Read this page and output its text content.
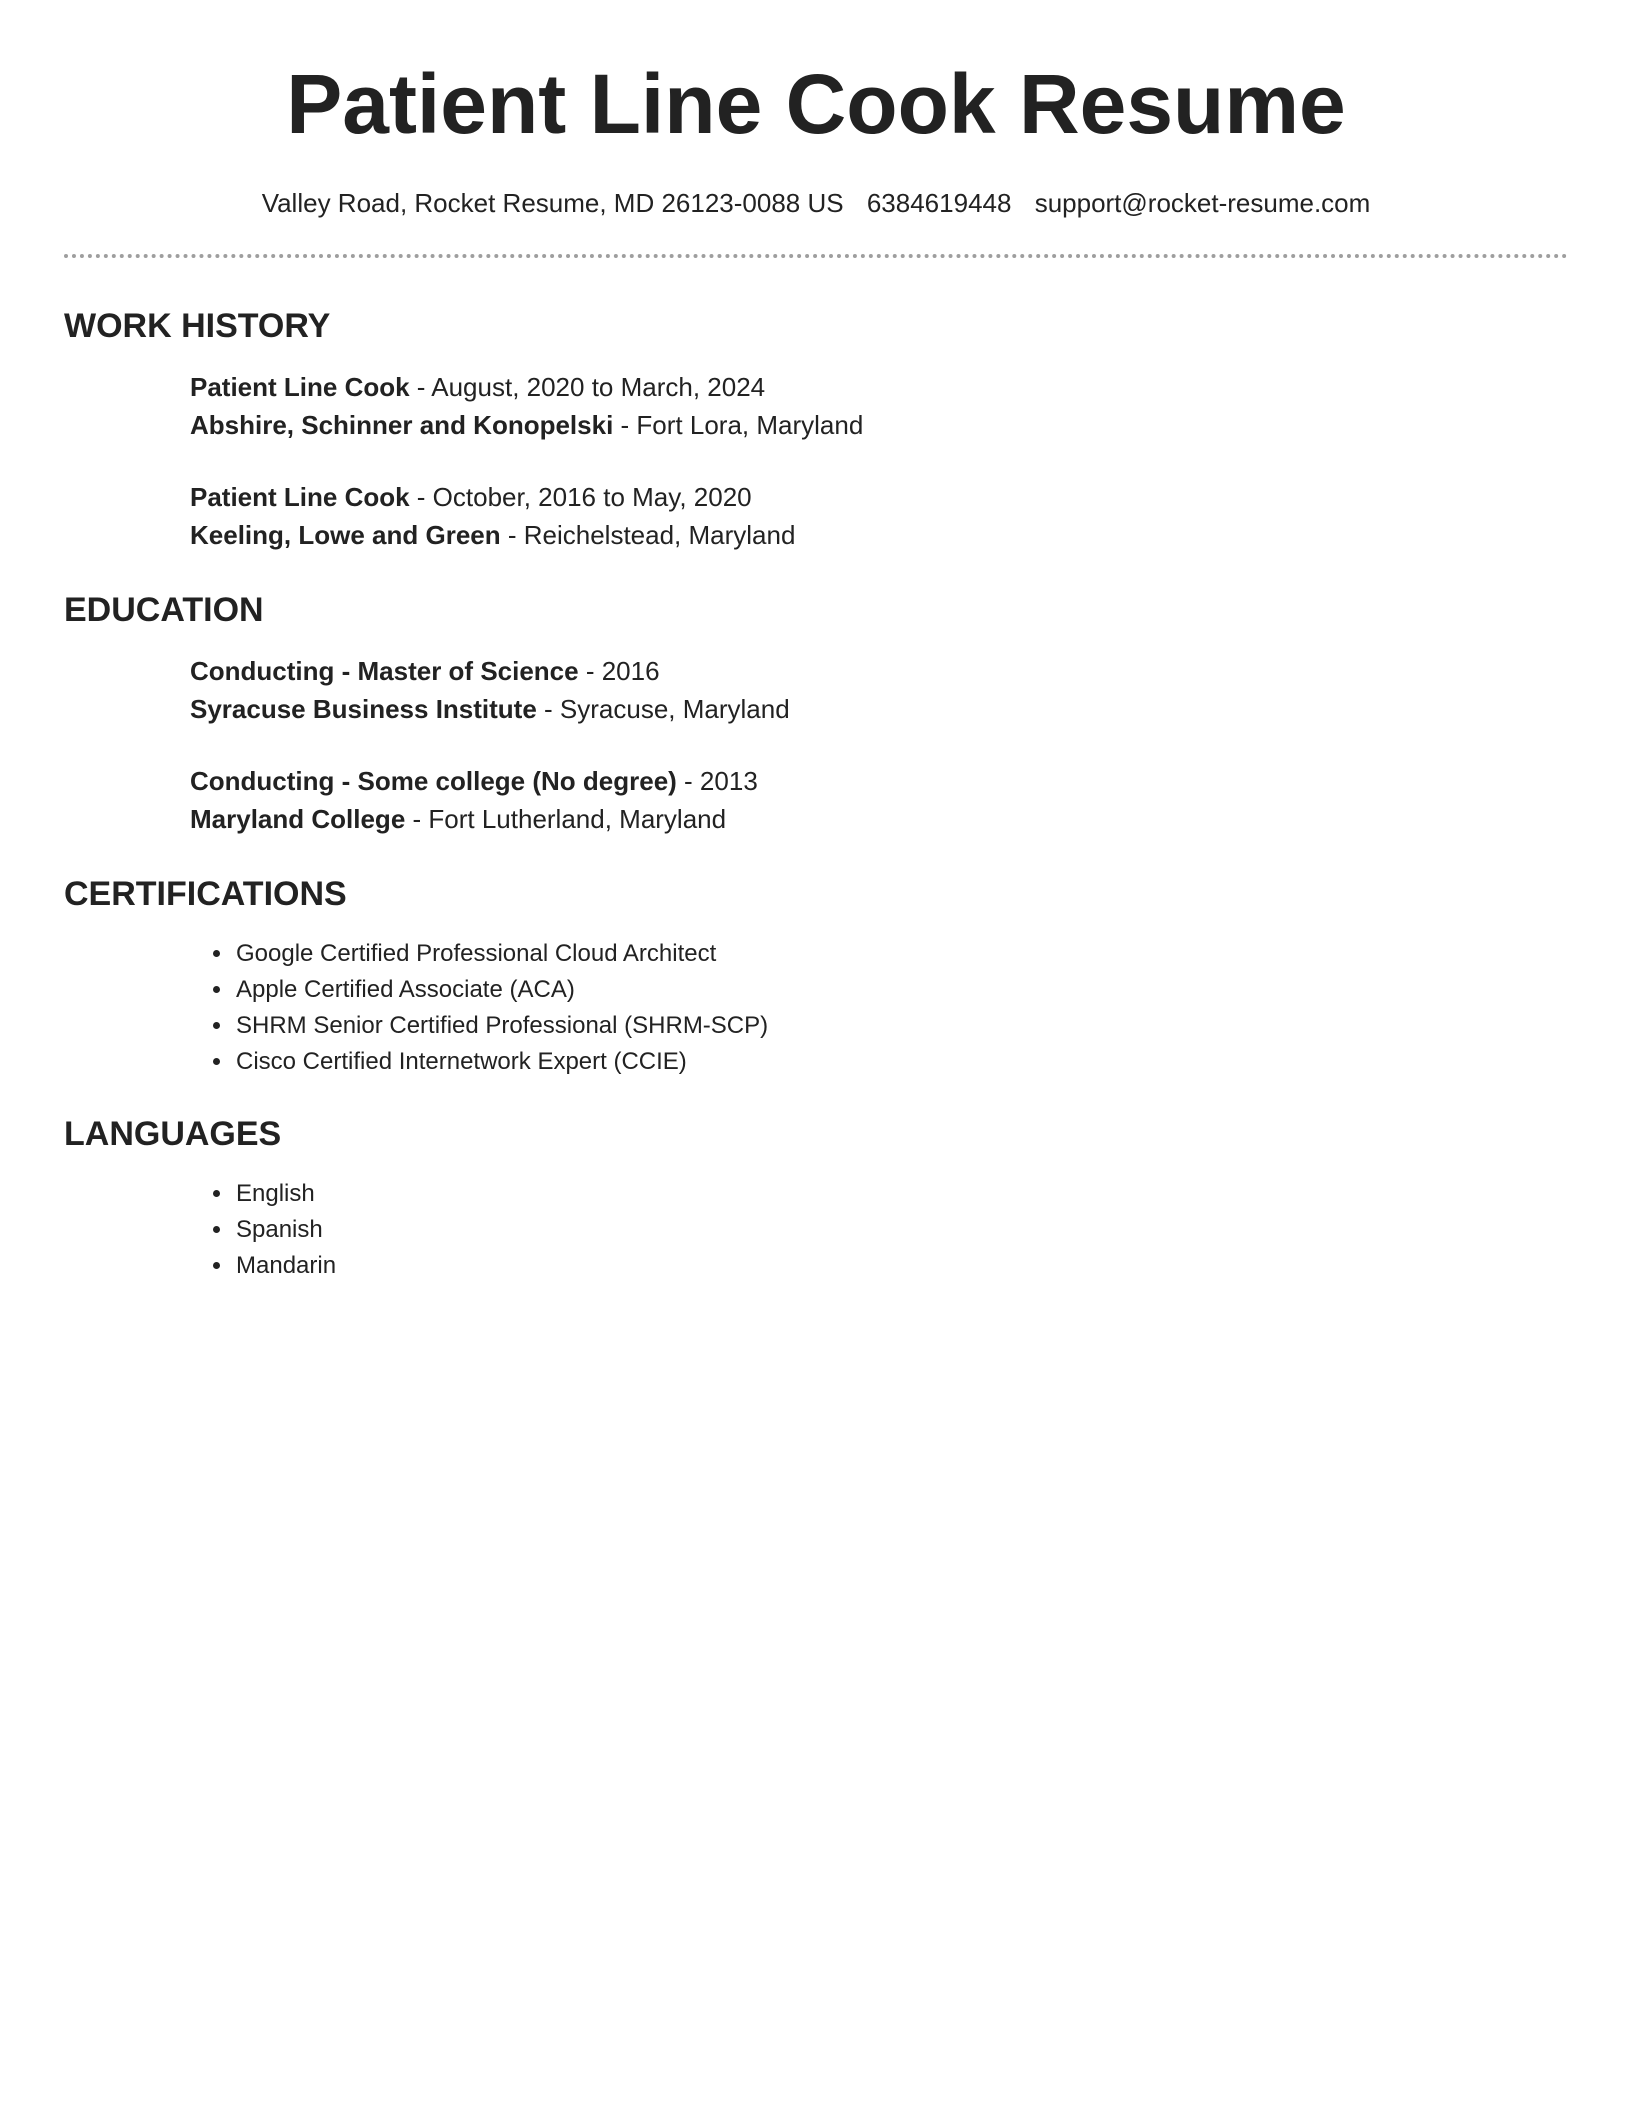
Patient Line Cook Resume
Valley Road, Rocket Resume, MD 26123-0088 US 6384619448 support@rocket-resume.com
WORK HISTORY
Patient Line Cook - August, 2020 to March, 2024
Abshire, Schinner and Konopelski - Fort Lora, Maryland
Patient Line Cook - October, 2016 to May, 2020
Keeling, Lowe and Green - Reichelstead, Maryland
EDUCATION
Conducting - Master of Science - 2016
Syracuse Business Institute - Syracuse, Maryland
Conducting - Some college (No degree) - 2013
Maryland College - Fort Lutherland, Maryland
CERTIFICATIONS
• Google Certified Professional Cloud Architect
• Apple Certified Associate (ACA)
• SHRM Senior Certified Professional (SHRM-SCP)
• Cisco Certified Internetwork Expert (CCIE)
LANGUAGES
• English
• Spanish
• Mandarin
